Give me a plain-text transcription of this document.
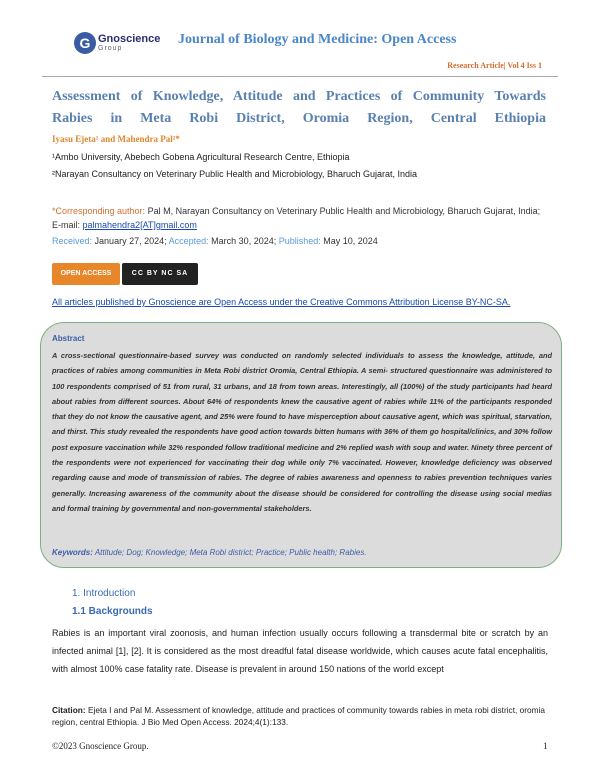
G Gnoscience
Group
Journal of Biology and Medicine: Open Access
Research Article| Vol 4 Iss 1
Assessment of Knowledge, Attitude and Practices of Community Towards
Rabies in Meta Robi District, Oromia Region, Central Ethiopia
Iyasu Ejeta¹ and Mahendra Pal²*
¹Ambo University, Abebech Gobena Agricultural Research Centre, Ethiopia
²Narayan Consultancy on Veterinary Public Health and Microbiology, Bharuch Gujarat, India
*Corresponding author: Pal M, Narayan Consultancy on Veterinary Public Health and Microbiology, Bharuch Gujarat, India; E-mail: palmahendra2[AT]gmail.com
Received: January 27, 2024; Accepted: March 30, 2024; Published: May 10, 2024
OPEN ACCESS	CC BY NC SA
All articles published by Gnoscience are Open Access under the Creative Commons Attribution License BY-NC-SA.
Abstract
A cross-sectional questionnaire-based survey was conducted on randomly selected individuals to assess the knowledge, attitude, and practices of rabies among communities in Meta Robi district Oromia, Central Ethiopia. A semi- structured questionnaire was administered to 100 respondents comprised of 51 from rural, 31 urbans, and 18 from town areas. Interestingly, all (100%) of the study participants had heard about rabies from different sources. About 64% of respondents knew the causative agent of rabies while 11% of the participants responded that they do not know the causative agent, and 25% were found to have misperception about causative agent, which was spiritual, starvation, and thirst. This study revealed the respondents have good action towards bitten humans with 36% of them go hospital/clinics, and 30% follow post exposure vaccination while 32% responded follow traditional medicine and 2% replied wash with soup and water. Ninety three percent of the respondents were not experienced for vaccinating their dog while only 7% vaccinated. However, knowledge deficiency was observed regarding cause and mode of transmission of rabies. The degree of rabies awareness and openness to rabies prevention techniques varies generally. Increasing awareness of the community about the disease should be considered for controlling the disease using social medias and formal training by governmental and non-governmental stakeholders.
Keywords: Attitude; Dog; Knowledge; Meta Robi district; Practice; Public health; Rabies.
1. Introduction
1.1 Backgrounds
Rabies is an important viral zoonosis, and human infection usually occurs following a transdermal bite or scratch by an infected animal [1], [2]. It is considered as the most dreadful fatal disease worldwide, which causes acute fatal encephalitis, with almost 100% case fatality rate. Disease is prevalent in around 150 nations of the world except
Citation: Ejeta I and Pal M. Assessment of knowledge, attitude and practices of community towards rabies in meta robi district, oromia region, central Ethiopia. J Bio Med Open Access. 2024;4(1):133.
©2023 Gnoscience Group.	1
